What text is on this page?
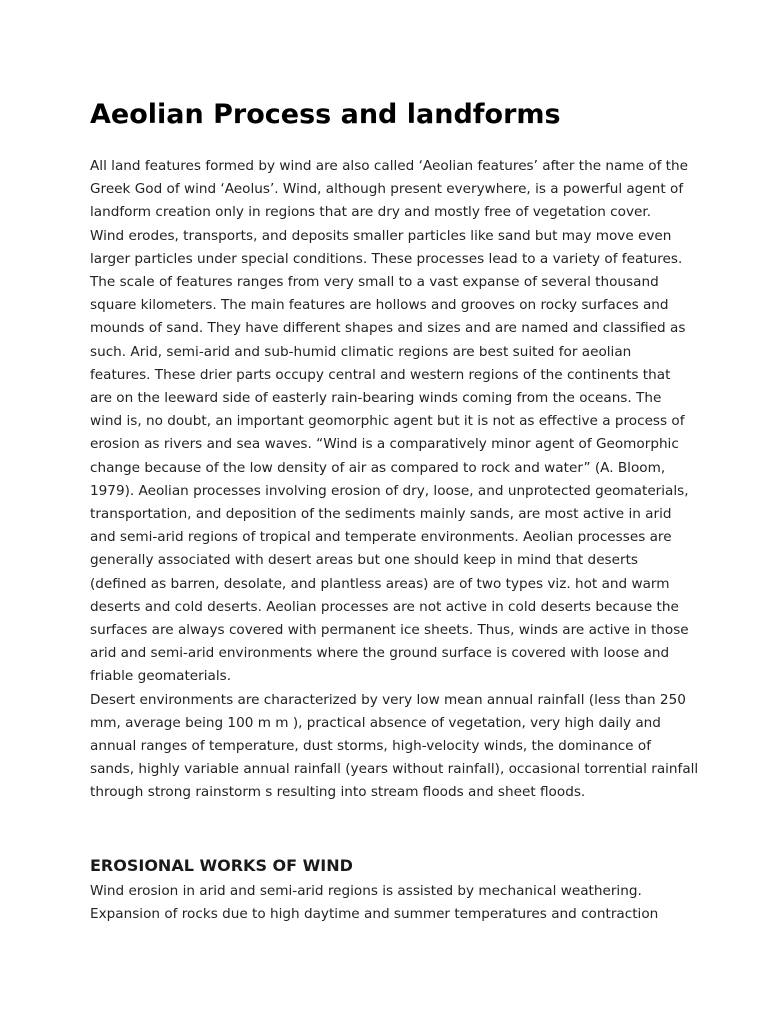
Aeolian Process and landforms
All land features formed by wind are also called ‘Aeolian features’ after the name of the
Greek God of wind ‘Aeolus’. Wind, although present everywhere, is a powerful agent of
landform creation only in regions that are dry and mostly free of vegetation cover.
Wind erodes, transports, and deposits smaller particles like sand but may move even
larger particles under special conditions. These processes lead to a variety of features.
The scale of features ranges from very small to a vast expanse of several thousand
square kilometers. The main features are hollows and grooves on rocky surfaces and
mounds of sand. They have different shapes and sizes and are named and classified as
such. Arid, semi-arid and sub-humid climatic regions are best suited for aeolian
features. These drier parts occupy central and western regions of the continents that
are on the leeward side of easterly rain-bearing winds coming from the oceans. The
wind is, no doubt, an important geomorphic agent but it is not as effective a process of
erosion as rivers and sea waves. “Wind is a comparatively minor agent of Geomorphic
change because of the low density of air as compared to rock and water” (A. Bloom,
1979). Aeolian processes involving erosion of dry, loose, and unprotected geomaterials,
transportation, and deposition of the sediments mainly sands, are most active in arid
and semi-arid regions of tropical and temperate environments. Aeolian processes are
generally associated with desert areas but one should keep in mind that deserts
(defined as barren, desolate, and plantless areas) are of two types viz. hot and warm
deserts and cold deserts. Aeolian processes are not active in cold deserts because the
surfaces are always covered with permanent ice sheets. Thus, winds are active in those
arid and semi-arid environments where the ground surface is covered with loose and
friable geomaterials.
Desert environments are characterized by very low mean annual rainfall (less than 250
mm, average being 100 m m ), practical absence of vegetation, very high daily and
annual ranges of temperature, dust storms, high-velocity winds, the dominance of
sands, highly variable annual rainfall (years without rainfall), occasional torrential rainfall
through strong rainstorm s resulting into stream floods and sheet floods.
EROSIONAL WORKS OF WIND
Wind erosion in arid and semi-arid regions is assisted by mechanical weathering.
Expansion of rocks due to high daytime and summer temperatures and contraction
